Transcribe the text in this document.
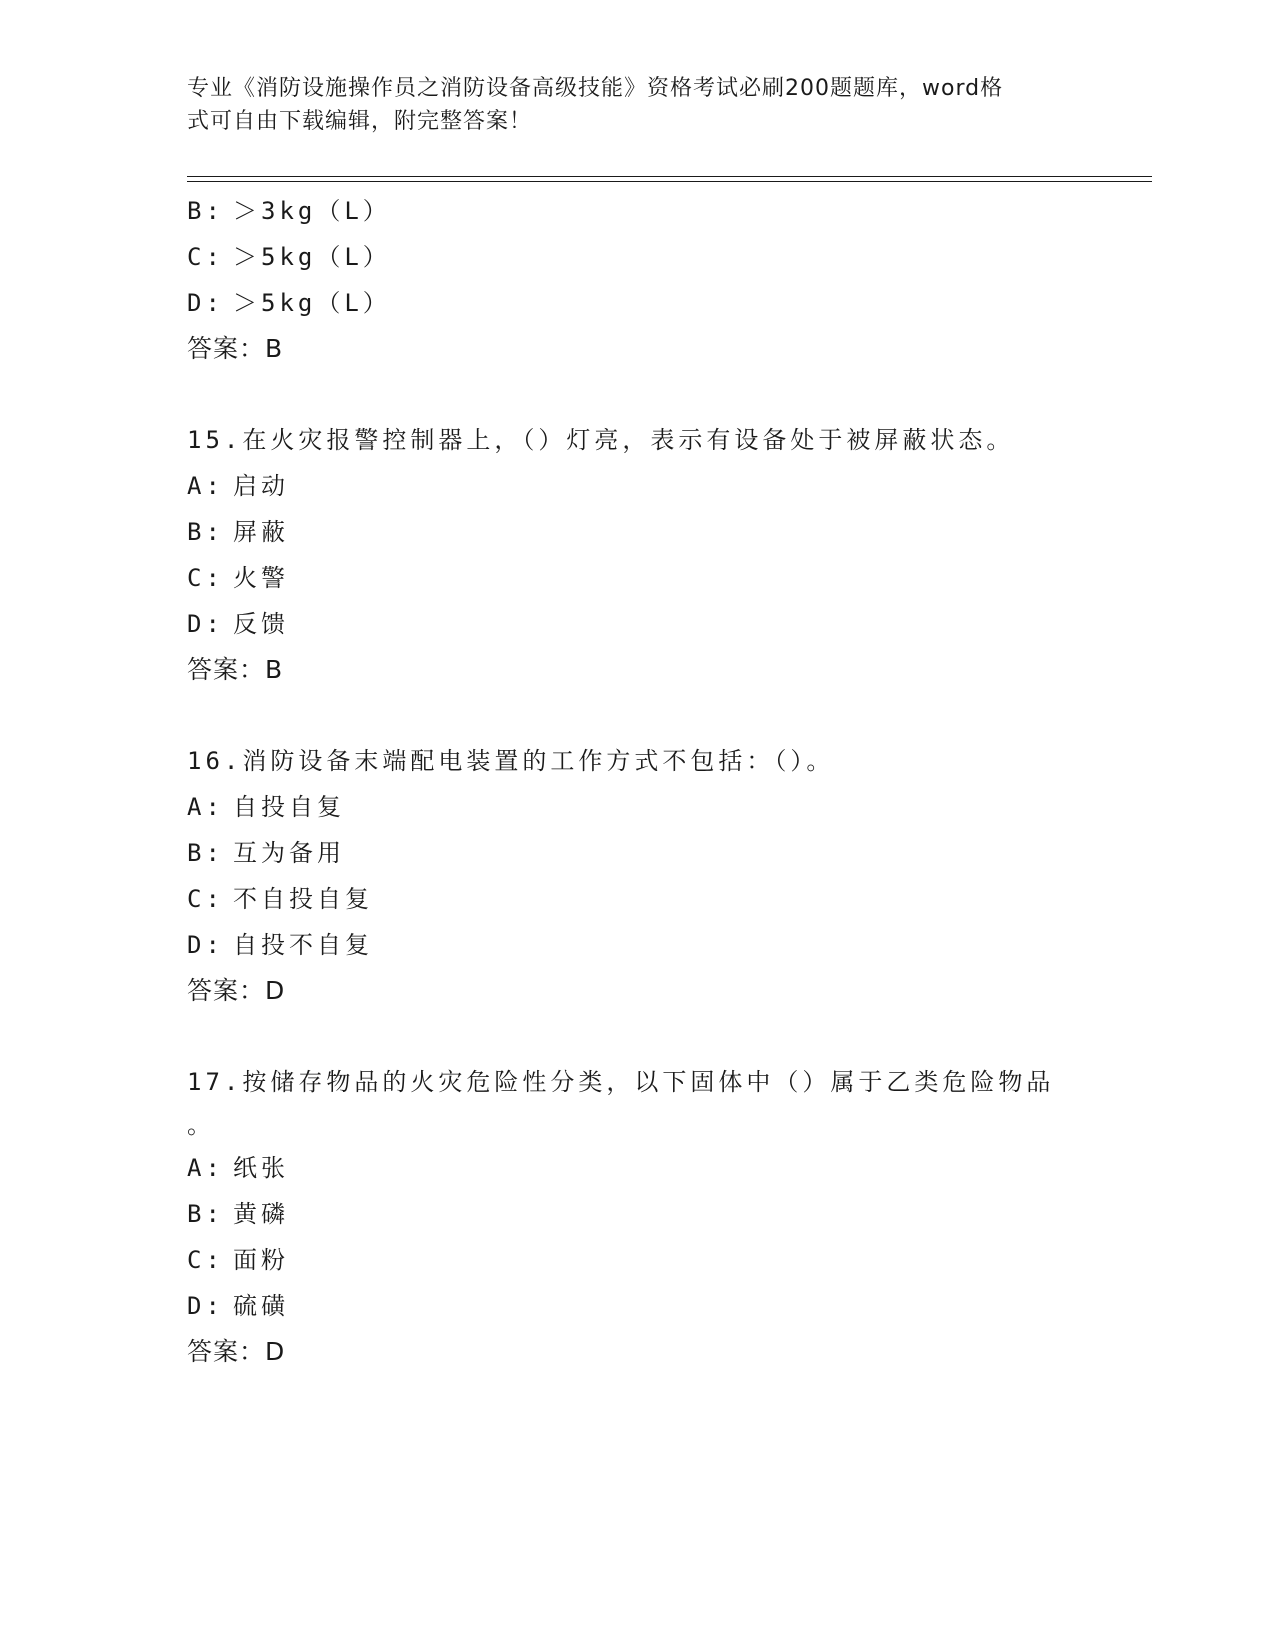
专业《消防设施操作员之消防设备高级技能》资格考试必刷200题题库，word格
式可自由下载编辑，附完整答案！
B: ＞3kg（L）
C: ＞5kg（L）
D: ＞5kg（L）
答案：B
15.在火灾报警控制器上，（）灯亮，表示有设备处于被屏蔽状态。
A: 启动
B: 屏蔽
C: 火警
D: 反馈
答案：B
16.消防设备末端配电装置的工作方式不包括：（）。
A: 自投自复
B: 互为备用
C: 不自投自复
D: 自投不自复
答案：D
17.按储存物品的火灾危险性分类，以下固体中（）属于乙类危险物品
。
A: 纸张
B: 黄磷
C: 面粉
D: 硫磺
答案：D
